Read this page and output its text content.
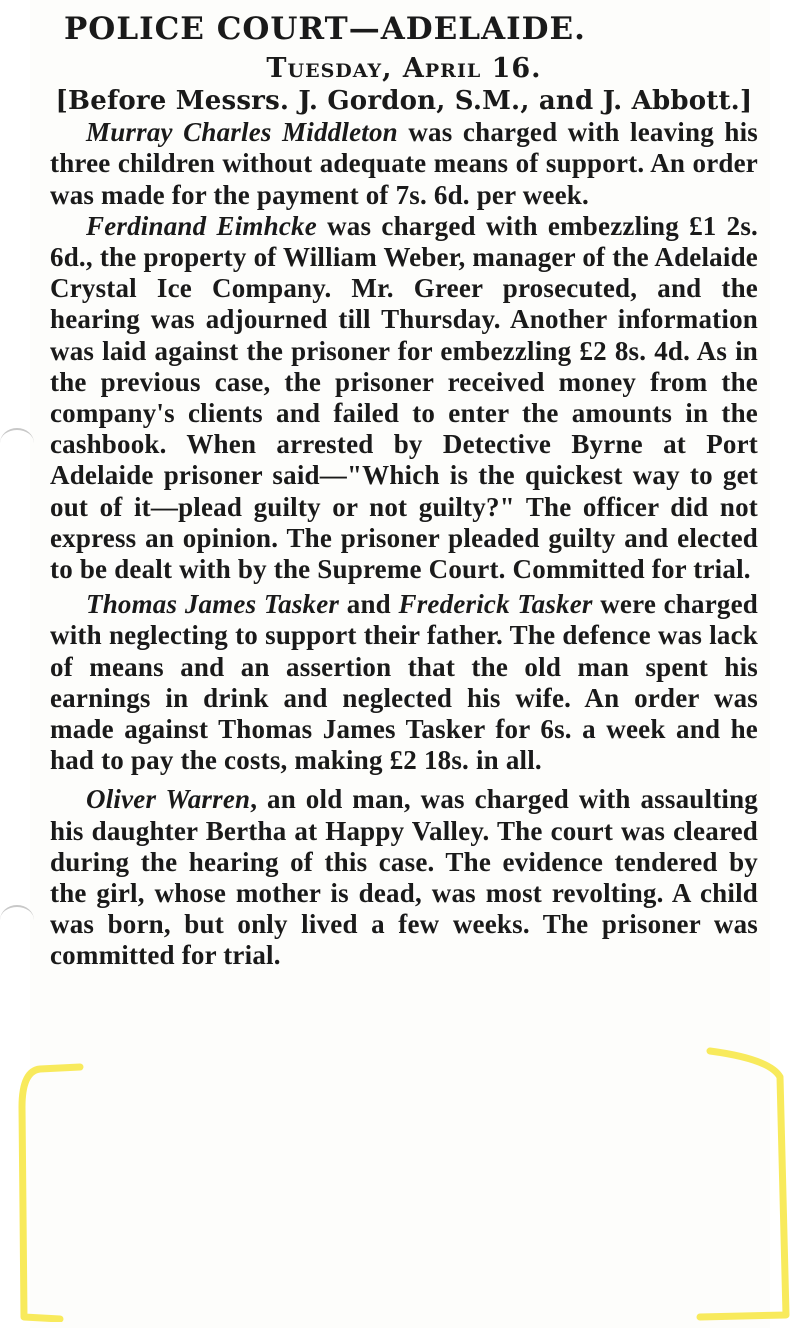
POLICE COURT—ADELAIDE.

Tuesday, April 16.

[Before Messrs. J. Gordon, S.M., and J. Abbott.]

Murray Charles Middleton was charged with leaving his three children without adequate means of support. An order was made for the payment of 7s. 6d. per week.

Ferdinand Eimhcke was charged with embezzling £1 2s. 6d., the property of William Weber, manager of the Adelaide Crystal Ice Company. Mr. Greer prosecuted, and the hearing was adjourned till Thursday. Another information was laid against the prisoner for embezzling £2 8s. 4d. As in the previous case, the prisoner received money from the company's clients and failed to enter the amounts in the cashbook. When arrested by Detective Byrne at Port Adelaide prisoner said—"Which is the quickest way to get out of it—plead guilty or not guilty?" The officer did not express an opinion. The prisoner pleaded guilty and elected to be dealt with by the Supreme Court. Committed for trial.

Thomas James Tasker and Frederick Tasker were charged with neglecting to support their father. The defence was lack of means and an assertion that the old man spent his earnings in drink and neglected his wife. An order was made against Thomas James Tasker for 6s. a week and he had to pay the costs, making £2 18s. in all.

Oliver Warren, an old man, was charged with assaulting his daughter Bertha at Happy Valley. The court was cleared during the hearing of this case. The evidence tendered by the girl, whose mother is dead, was most revolting. A child was born, but only lived a few weeks. The prisoner was committed for trial.
